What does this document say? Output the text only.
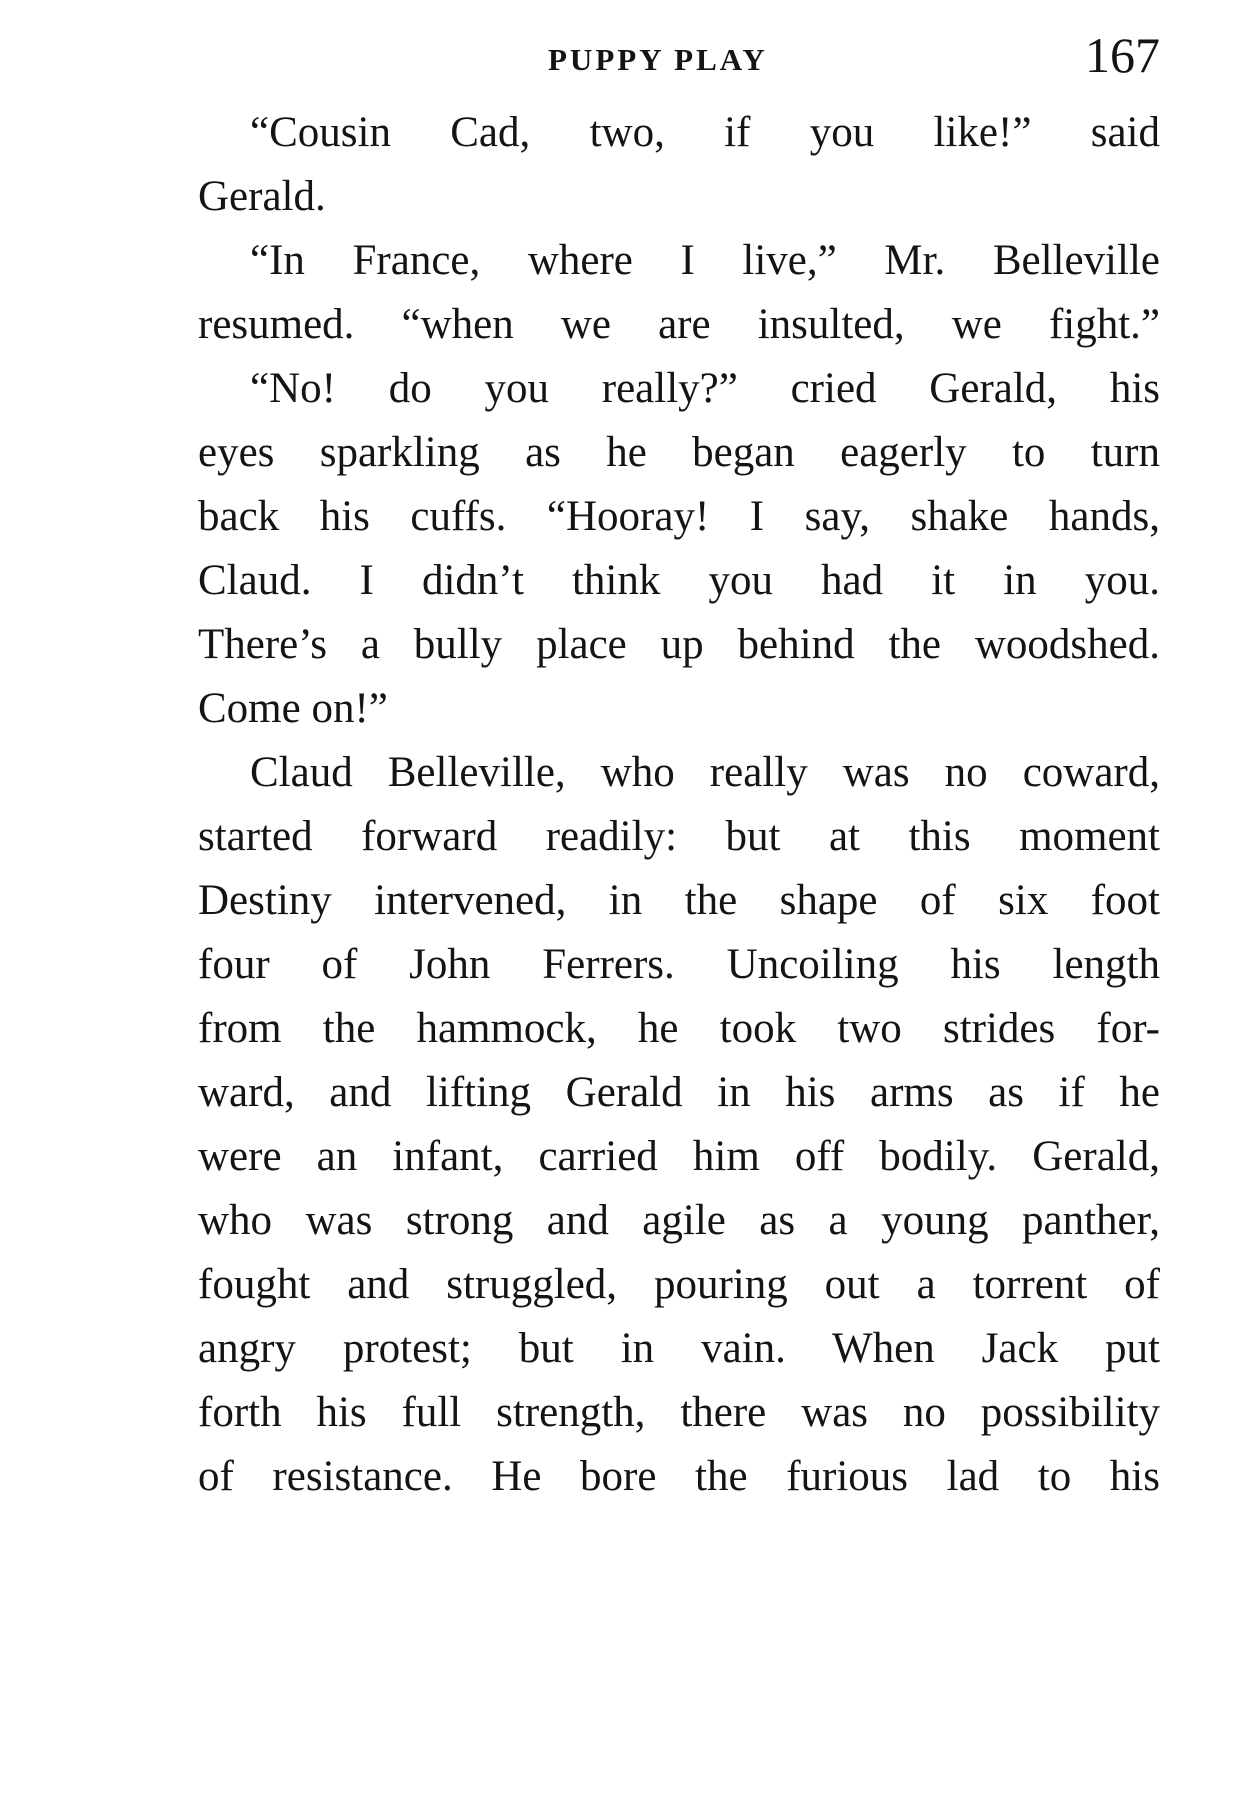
PUPPY PLAY	167
“Cousin Cad, two, if you like!” said
Gerald.
“In France, where I live,” Mr. Belleville
resumed. “when we are insulted, we fight.”
“No! do you really?” cried Gerald, his
eyes sparkling as he began eagerly to turn
back his cuffs. “Hooray! I say, shake hands,
Claud. I didn’t think you had it in you.
There’s a bully place up behind the woodshed.
Come on!”
Claud Belleville, who really was no coward,
started forward readily: but at this moment
Destiny intervened, in the shape of six foot
four of John Ferrers. Uncoiling his length
from the hammock, he took two strides for-
ward, and lifting Gerald in his arms as if he
were an infant, carried him off bodily. Gerald,
who was strong and agile as a young panther,
fought and struggled, pouring out a torrent of
angry protest; but in vain. When Jack put
forth his full strength, there was no possibility
of resistance. He bore the furious lad to his
